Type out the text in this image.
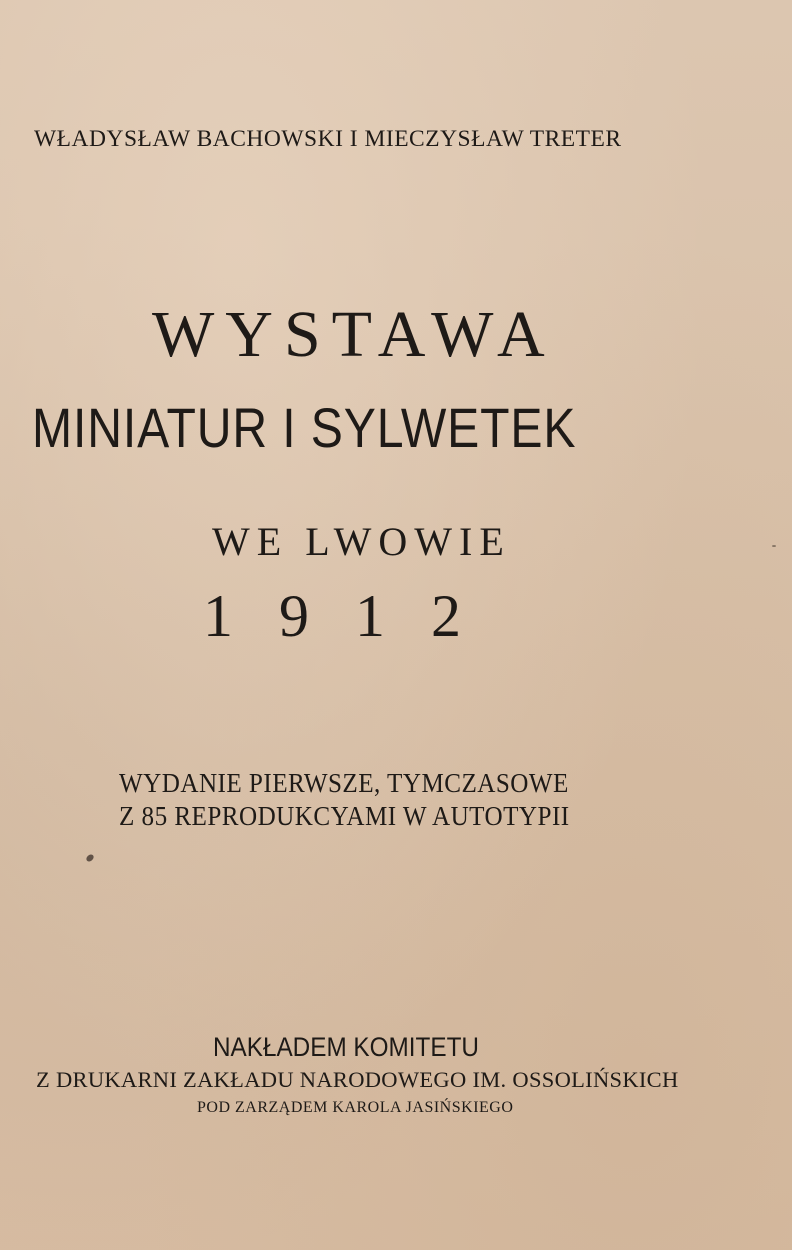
WŁADYSŁAW BACHOWSKI I MIECZYSŁAW TRETER

WYSTAWA
MINIATUR I SYLWETEK

WE LWOWIE

1912

WYDANIE PIERWSZE, TYMCZASOWE

Z 85 REPRODUKCYAMI W AUTOTYPII

NAKŁADEM KOMITETU

Z DRUKARNI ZAKŁADU NARODOWEGO IM. OSSOLIŃSKICH

POD ZARZĄDEM KAROLA JASIŃSKIEGO
